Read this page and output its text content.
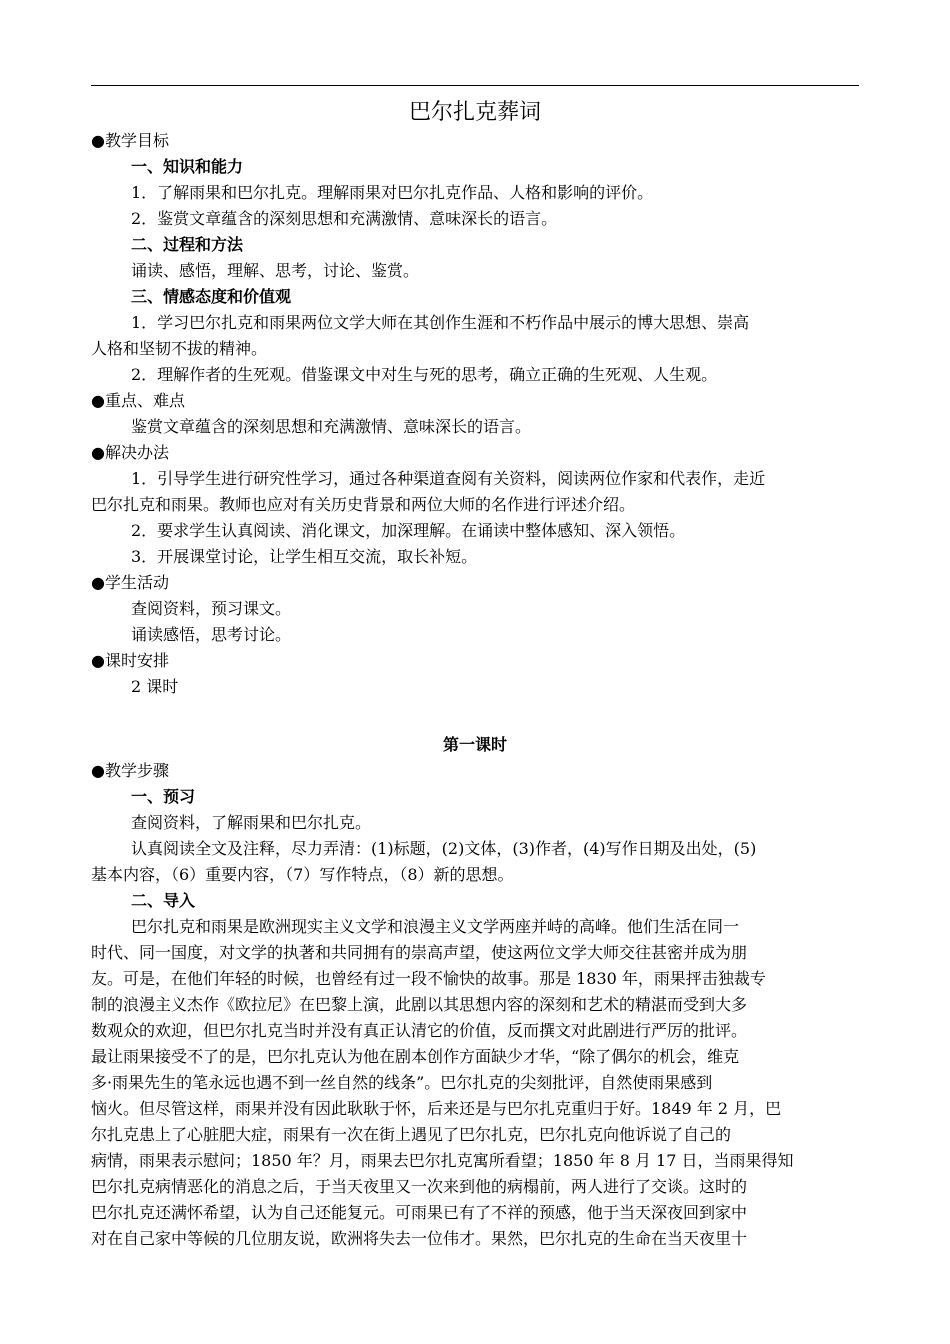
巴尔扎克葬词

●教学目标

一、知识和能力

1．了解雨果和巴尔扎克。理解雨果对巴尔扎克作品、人格和影响的评价。

2．鉴赏文章蕴含的深刻思想和充满激情、意味深长的语言。

二、过程和方法

诵读、感悟，理解、思考，讨论、鉴赏。

三、情感态度和价值观

1．学习巴尔扎克和雨果两位文学大师在其创作生涯和不朽作品中展示的博大思想、崇高

人格和坚韧不拔的精神。

2．理解作者的生死观。借鉴课文中对生与死的思考，确立正确的生死观、人生观。

●重点、难点

鉴赏文章蕴含的深刻思想和充满激情、意味深长的语言。

●解决办法

1．引导学生进行研究性学习，通过各种渠道查阅有关资料，阅读两位作家和代表作，走近

巴尔扎克和雨果。教师也应对有关历史背景和两位大师的名作进行评述介绍。

2．要求学生认真阅读、消化课文，加深理解。在诵读中整体感知、深入领悟。

3．开展课堂讨论，让学生相互交流，取长补短。

●学生活动

查阅资料，预习课文。

诵读感悟，思考讨论。

●课时安排

2 课时

第一课时

●教学步骤

一、预习

查阅资料，了解雨果和巴尔扎克。

认真阅读全文及注释，尽力弄清：(1)标题，(2)文体，(3)作者，(4)写作日期及出处，(5)

基本内容，（6）重要内容，（7）写作特点，（8）新的思想。

二、导入

巴尔扎克和雨果是欧洲现实主义文学和浪漫主义文学两座并峙的高峰。他们生活在同一

时代、同一国度，对文学的执著和共同拥有的崇高声望，使这两位文学大师交往甚密并成为朋

友。可是，在他们年轻的时候，也曾经有过一段不愉快的故事。那是 1830 年，雨果抨击独裁专

制的浪漫主义杰作《欧拉尼》在巴黎上演，此剧以其思想内容的深刻和艺术的精湛而受到大多

数观众的欢迎，但巴尔扎克当时并没有真正认清它的价值，反而撰文对此剧进行严厉的批评。

最让雨果接受不了的是，巴尔扎克认为他在剧本创作方面缺少才华，“除了偶尔的机会，维克

多·雨果先生的笔永远也遇不到一丝自然的线条”。巴尔扎克的尖刻批评，自然使雨果感到

恼火。但尽管这样，雨果并没有因此耿耿于怀，后来还是与巴尔扎克重归于好。1849 年 2 月，巴

尔扎克患上了心脏肥大症，雨果有一次在街上遇见了巴尔扎克，巴尔扎克向他诉说了自己的

病情，雨果表示慰问；1850 年？月，雨果去巴尔扎克寓所看望；1850 年 8 月 17 日，当雨果得知

巴尔扎克病情恶化的消息之后，于当天夜里又一次来到他的病榻前，两人进行了交谈。这时的

巴尔扎克还满怀希望，认为自己还能复元。可雨果已有了不祥的预感，他于当天深夜回到家中

对在自己家中等候的几位朋友说，欧洲将失去一位伟才。果然，巴尔扎克的生命在当天夜里十
